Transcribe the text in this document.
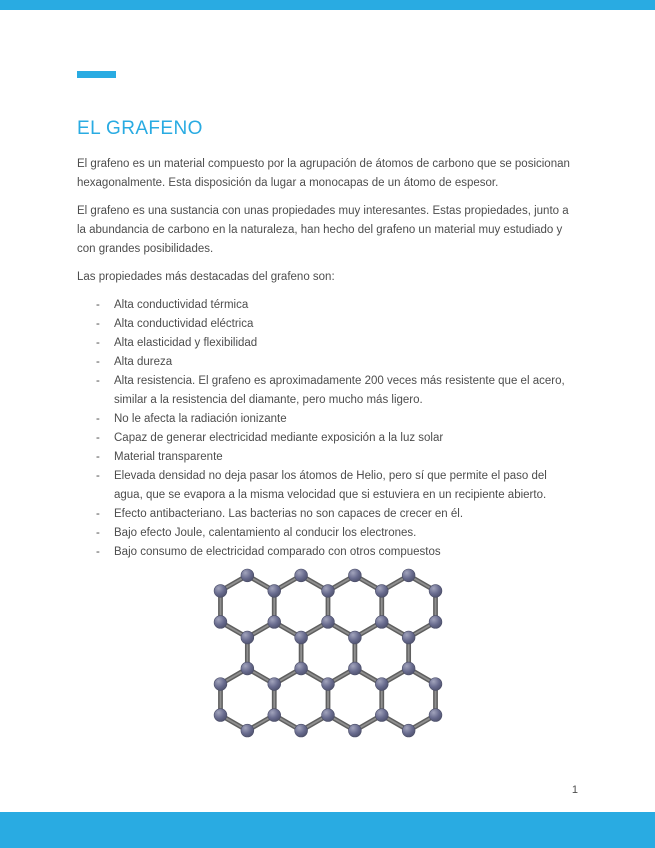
EL GRAFENO

El grafeno es un material compuesto por la agrupación de átomos de carbono que se posicionan hexagonalmente. Esta disposición da lugar a monocapas de un átomo de espesor.

El grafeno es una sustancia con unas propiedades muy interesantes. Estas propiedades, junto a la abundancia de carbono en la naturaleza, han hecho del grafeno un material muy estudiado y con grandes posibilidades.

Las propiedades más destacadas del grafeno son:

-	Alta conductividad térmica
-	Alta conductividad eléctrica
-	Alta elasticidad y flexibilidad
-	Alta dureza
-	Alta resistencia. El grafeno es aproximadamente 200 veces más resistente que el acero, similar a la resistencia del diamante, pero mucho más ligero.
-	No le afecta la radiación ionizante
-	Capaz de generar electricidad mediante exposición a la luz solar
-	Material transparente
-	Elevada densidad no deja pasar los átomos de Helio, pero sí que permite el paso del agua, que se evapora a la misma velocidad que si estuviera en un recipiente abierto.
-	Efecto antibacteriano. Las bacterias no son capaces de crecer en él.
-	Bajo efecto Joule, calentamiento al conducir los electrones.
-	Bajo consumo de electricidad comparado con otros compuestos
1
